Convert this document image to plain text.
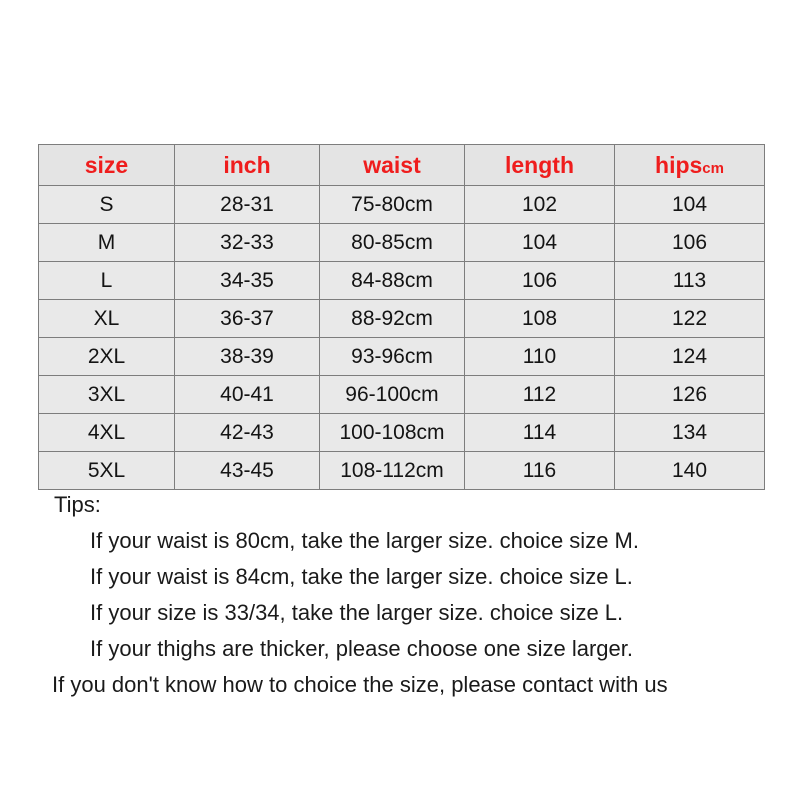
size	inch	waist	length	hipscm
S	28-31	75-80cm	102	104
M	32-33	80-85cm	104	106
L	34-35	84-88cm	106	113
XL	36-37	88-92cm	108	122
2XL	38-39	93-96cm	110	124
3XL	40-41	96-100cm	112	126
4XL	42-43	100-108cm	114	134
5XL	43-45	108-112cm	116	140
Tips:
If your waist is 80cm, take the larger size. choice size M.
If your waist is 84cm, take the larger size. choice size L.
If your size is 33/34, take the larger size. choice size L.
If your thighs are thicker, please choose one size larger.
If you don't know how to choice the size, please contact with us
